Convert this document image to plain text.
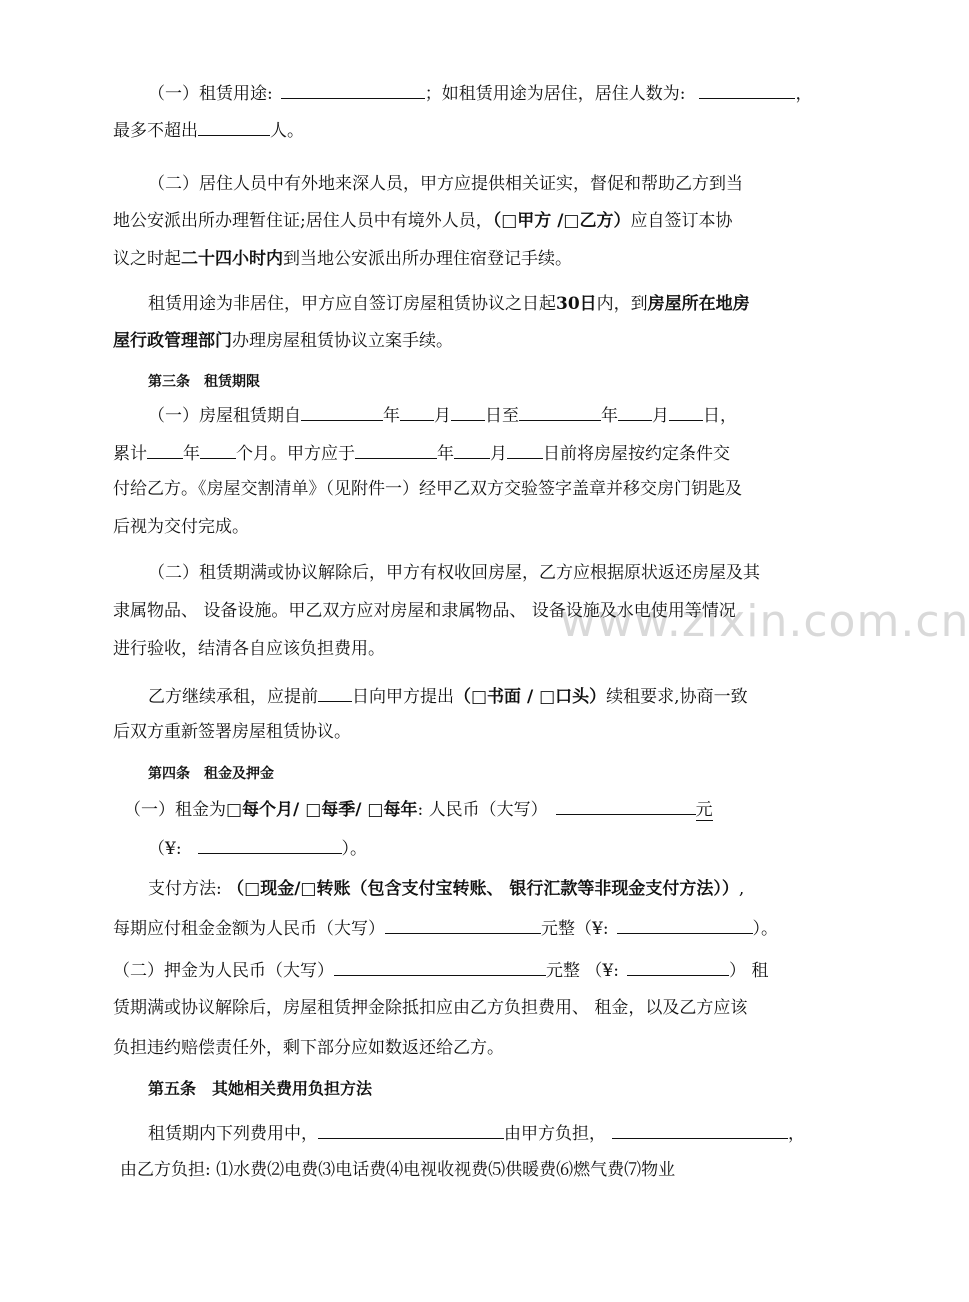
www.zixin.com.cn
（一）租赁用途:	；如租赁用途为居住，居住人数为:	，
最多不超出	人。
（二）居住人员中有外地来深人员，甲方应提供相关证实，督促和帮助乙方到当
地公安派出所办理暂住证;居住人员中有境外人员，（□甲方 /□乙方）应自签订本协
议之时起二十四小时内到当地公安派出所办理住宿登记手续。
租赁用途为非居住，甲方应自签订房屋租赁协议之日起30日内，到房屋所在地房
屋行政管理部门办理房屋租赁协议立案手续。
第三条　租赁期限
（一）房屋租赁期自	年 月 日至	年 月 日，
累计 年 个月。甲方应于	年 月 日前将房屋按约定条件交
付给乙方。《房屋交割清单》（见附件一）经甲乙双方交验签字盖章并移交房门钥匙及
后视为交付完成。
（二）租赁期满或协议解除后，甲方有权收回房屋，乙方应根据原状返还房屋及其
隶属物品、 设备设施。甲乙双方应对房屋和隶属物品、 设备设施及水电使用等情况
进行验收，结清各自应该负担费用。
乙方继续承租，应提前 日向甲方提出（□书面 / □口头）续租要求,协商一致
后双方重新签署房屋租赁协议。
第四条　租金及押金
（一）租金为□每个月/ □每季/ □每年: 人民币（大写）	元
（¥:	）。
支付方法: （□现金/□转账（包含支付宝转账、 银行汇款等非现金支付方法））,
每期应付租金金额为人民币（大写）	元整（¥:	）。
（二）押金为人民币（大写）	元整 （¥:	） 租
赁期满或协议解除后，房屋租赁押金除抵扣应由乙方负担费用、 租金，以及乙方应该
负担违约赔偿责任外，剩下部分应如数返还给乙方。
第五条　其她相关费用负担方法
租赁期内下列费用中，	由甲方负担，	，
由乙方负担: ⑴水费⑵电费⑶电话费⑷电视收视费⑸供暖费⑹燃气费⑺物业
